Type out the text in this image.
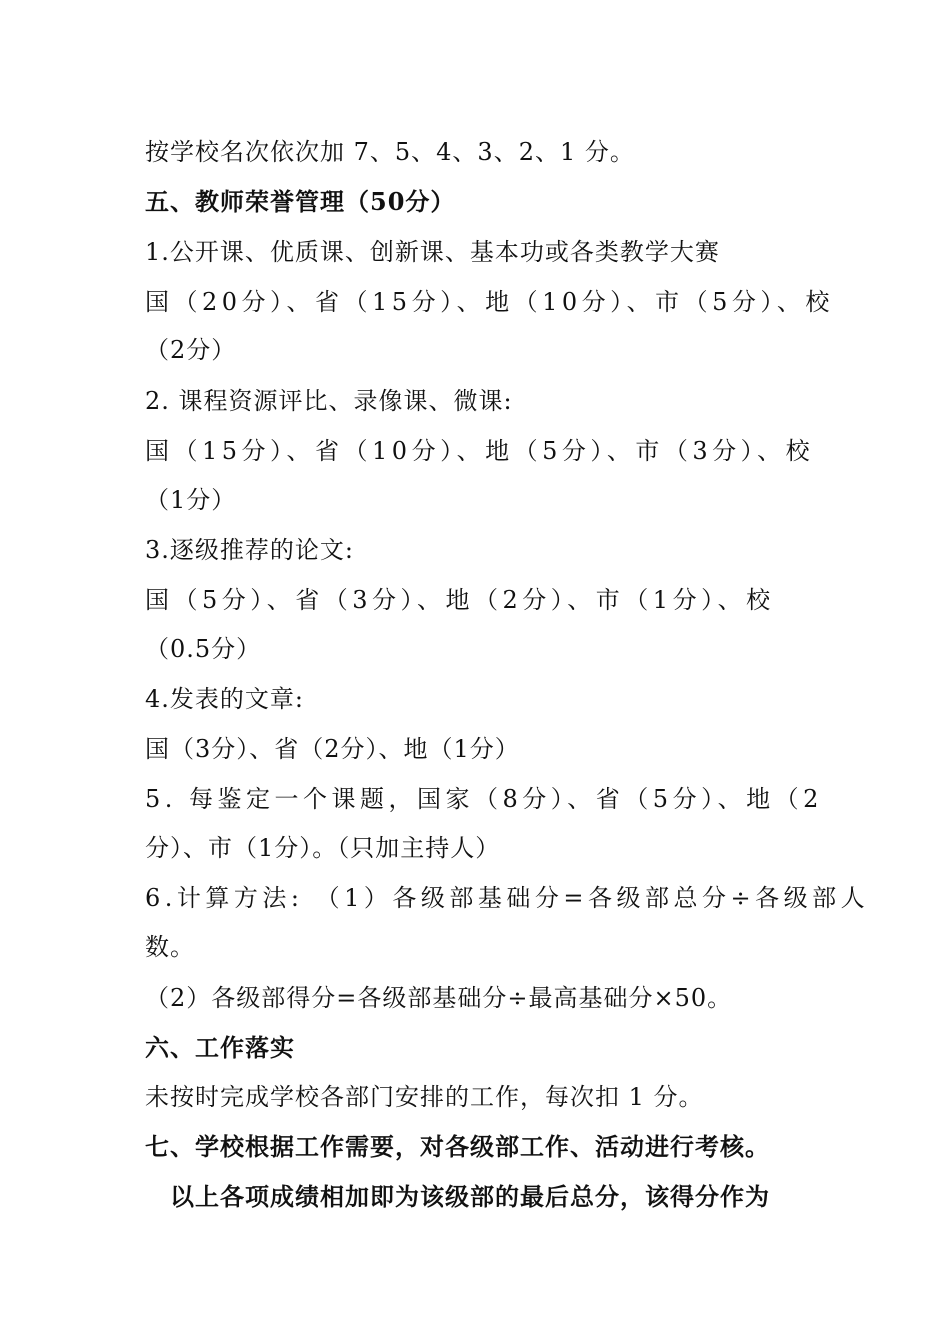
按学校名次依次加 7、5、4、3、2、1 分。
五、教师荣誉管理（50分）
1.公开课、优质课、创新课、基本功或各类教学大赛
国（20分）、省（15分）、地（10分）、市（5分）、校
（2分）
2. 课程资源评比、录像课、微课:
国（15分）、省（10分）、地（5分）、市（3分）、校
（1分）
3.逐级推荐的论文:
国（5分）、省（3分）、地（2分）、市（1分）、校
（0.5分）
4.发表的文章:
国（3分）、省（2分）、地（1分）
5. 每鉴定一个课题，国家（8分）、省（5分）、地（2
分）、市（1分）。（只加主持人）
6.计算方法: （1）各级部基础分=各级部总分÷各级部人
数。
（2）各级部得分=各级部基础分÷最高基础分×50。
六、工作落实
未按时完成学校各部门安排的工作，每次扣 1 分。
七、学校根据工作需要，对各级部工作、活动进行考核。
以上各项成绩相加即为该级部的最后总分，该得分作为
